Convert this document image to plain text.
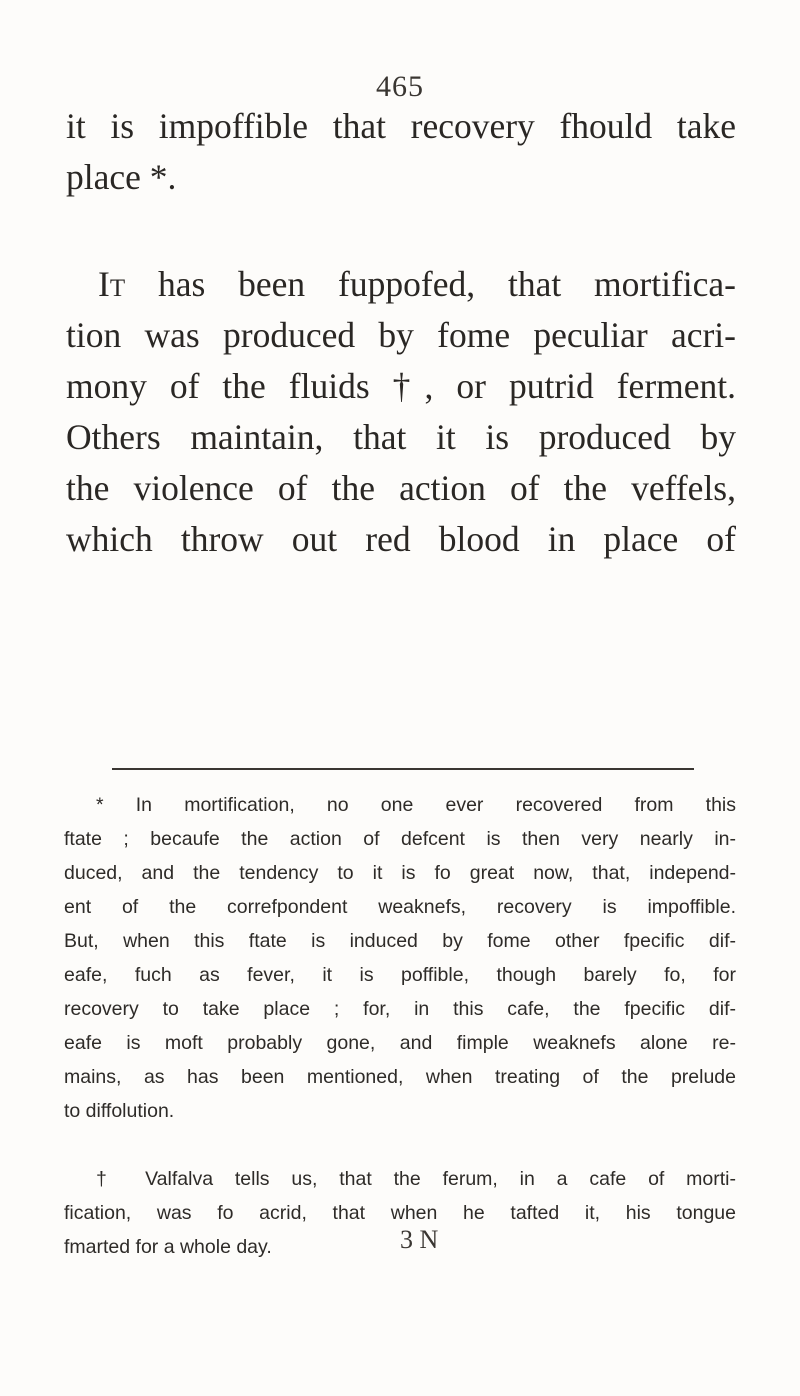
465

it is impoffible that recovery fhould take
place *.

It has been fuppofed, that mortifica-
tion was produced by fome peculiar acri-
mony of the fluids †, or putrid ferment.
Others maintain, that it is produced by
the violence of the action of the veffels,
which throw out red blood in place of

* In mortification, no one ever recovered from this
ftate ; becaufe the action of defcent is then very nearly in-
duced, and the tendency to it is fo great now, that, independ-
ent of the correfpondent weaknefs, recovery is impoffible.
But, when this ftate is induced by fome other fpecific dif-
eafe, fuch as fever, it is poffible, though barely fo, for
recovery to take place ; for, in this cafe, the fpecific dif-
eafe is moft probably gone, and fimple weaknefs alone re-
mains, as has been mentioned, when treating of the prelude
to diffolution.
† Valfalva tells us, that the ferum, in a cafe of morti-
fication, was fo acrid, that when he tafted it, his tongue
fmarted for a whole day.	3 N
